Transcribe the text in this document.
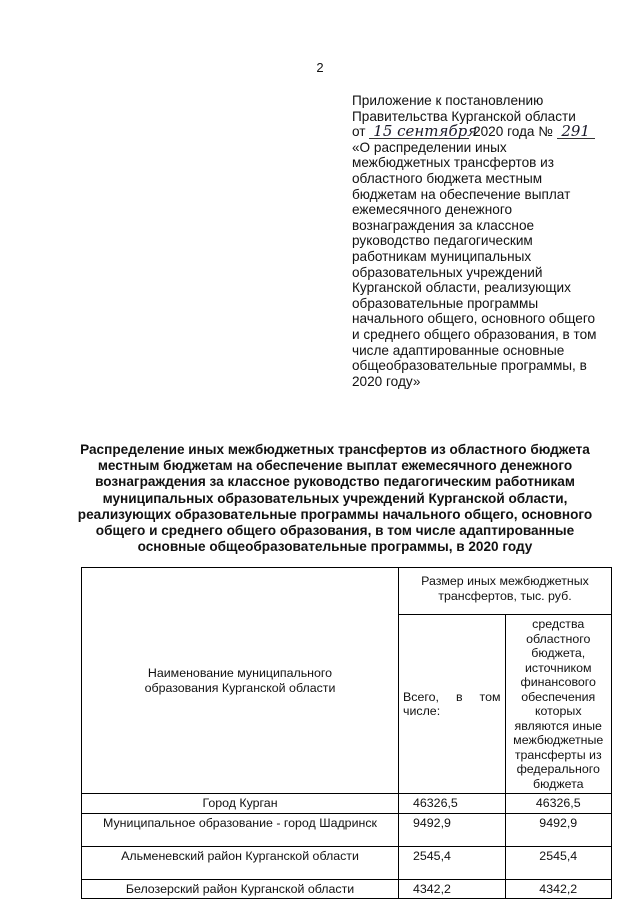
2
Приложение к постановлению
Правительства Курганской области
от 15 сентября 2020 года № 291
«О распределении иных
межбюджетных трансфертов из
областного бюджета местным
бюджетам на обеспечение выплат
ежемесячного денежного
вознаграждения за классное
руководство педагогическим
работникам муниципальных
образовательных учреждений
Курганской области, реализующих
образовательные программы
начального общего, основного общего
и среднего общего образования, в том
числе адаптированные основные
общеобразовательные программы, в
2020 году»
Распределение иных межбюджетных трансфертов из областного бюджета
местным бюджетам на обеспечение выплат ежемесячного денежного
вознаграждения за классное руководство педагогическим работникам
муниципальных образовательных учреждений Курганской области,
реализующих образовательные программы начального общего, основного
общего и среднего общего образования, в том числе адаптированные
основные общеобразовательные программы, в 2020 году
Наименование муниципального образования Курганской области	Размер иных межбюджетных трансфертов, тыс. руб.	
	Всего, в том числе:	средства областного бюджета, источником финансового обеспечения которых являются иные межбюджетные трансферты из федерального бюджета
Город Курган	46326,5	46326,5
Муниципальное образование - город Шадринск	9492,9	9492,9
Альменевский район Курганской области	2545,4	2545,4
Белозерский район Курганской области	4342,2	4342,2
